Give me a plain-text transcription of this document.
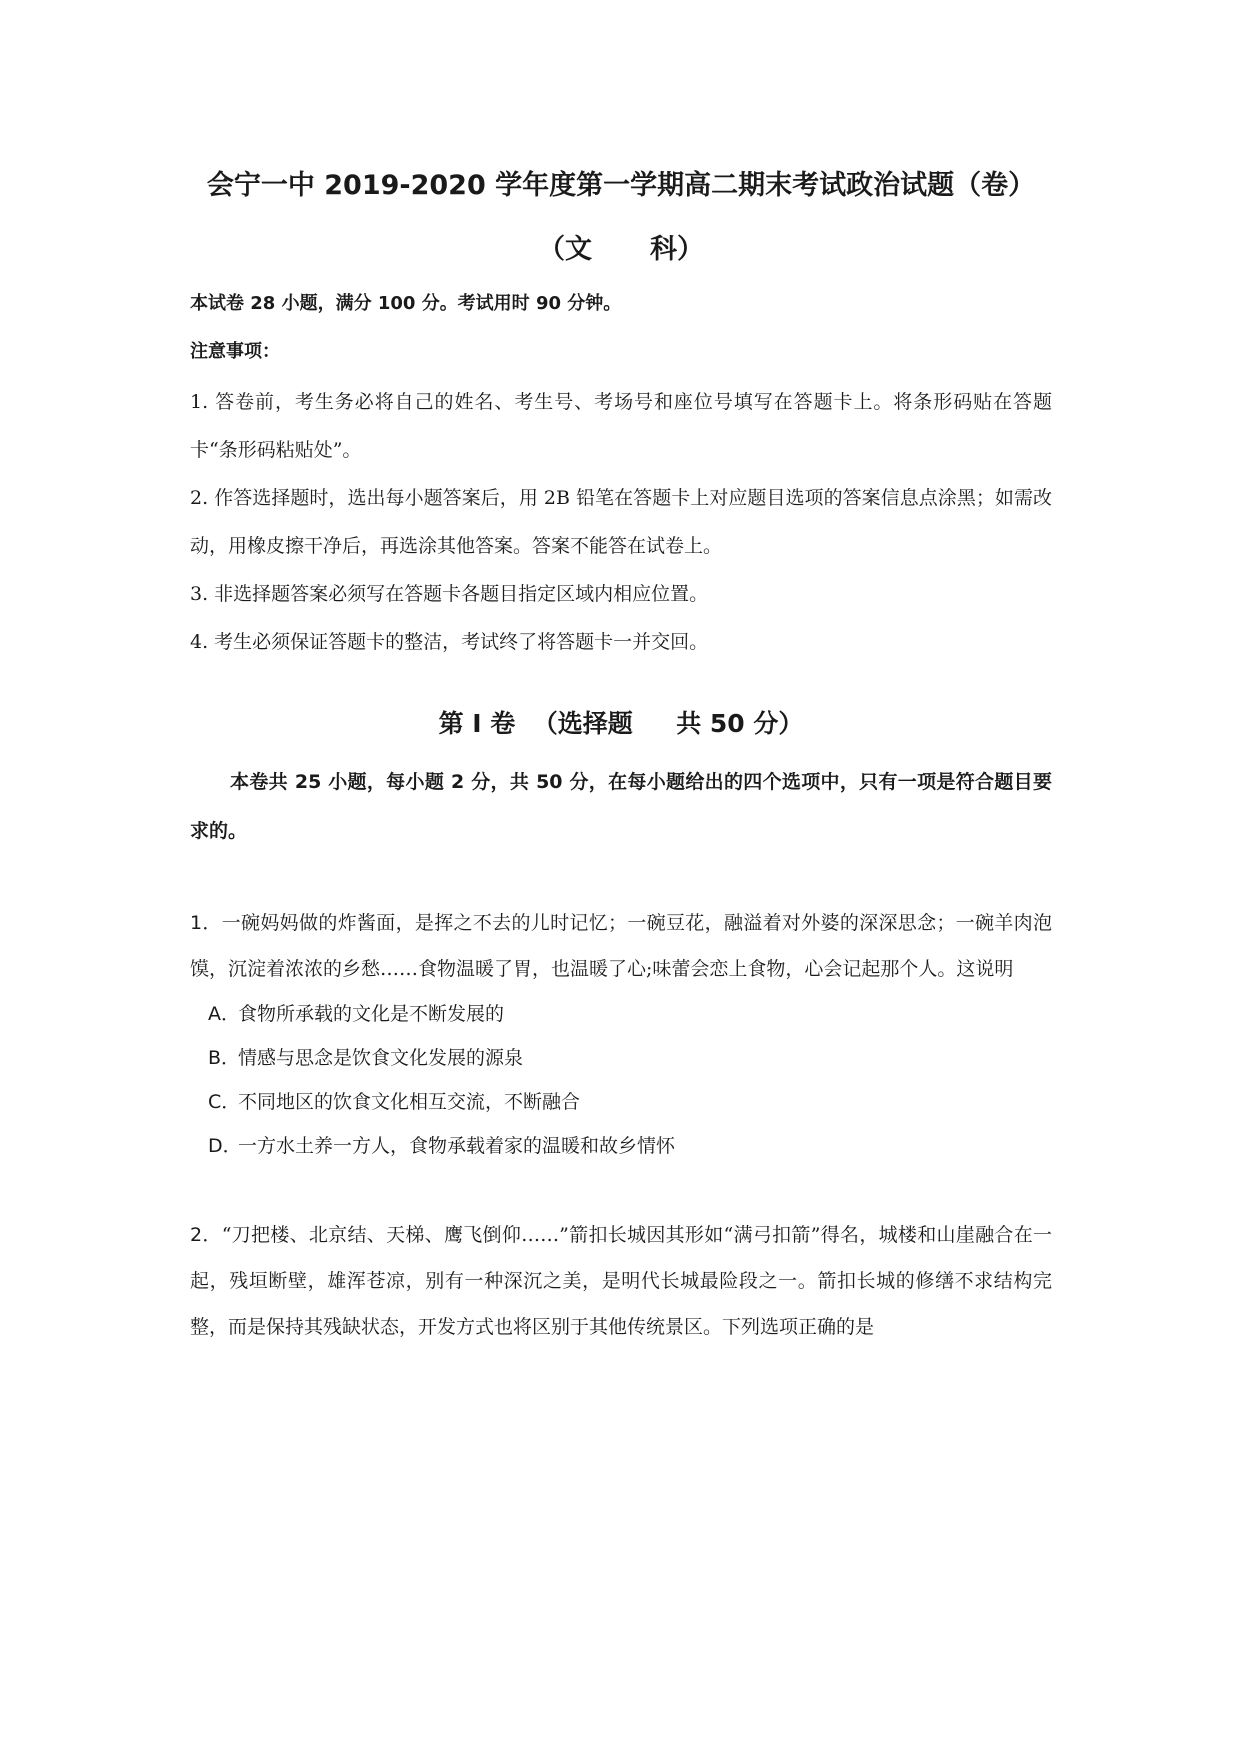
会宁一中 2019-2020 学年度第一学期高二期末考试政治试题（卷）
（文 科）

本试卷 28 小题，满分 100 分。考试用时 90 分钟。

注意事项：

1. 答卷前，考生务必将自己的姓名、考生号、考场号和座位号填写在答题卡上。将条形码贴在答题卡“条形码粘贴处”。
2. 作答选择题时，选出每小题答案后，用 2B 铅笔在答题卡上对应题目选项的答案信息点涂黑；如需改动，用橡皮擦干净后，再选涂其他答案。答案不能答在试卷上。
3. 非选择题答案必须写在答题卡各题目指定区域内相应位置。
4. 考生必须保证答题卡的整洁，考试终了将答题卡一并交回。
第 I 卷  （选择题     共 50 分）

本卷共 25 小题，每小题 2 分，共 50 分，在每小题给出的四个选项中，只有一项是符合题目要求的。

1．一碗妈妈做的炸酱面，是挥之不去的儿时记忆；一碗豆花，融溢着对外婆的深深思念；一碗羊肉泡馍，沉淀着浓浓的乡愁……食物温暖了胃，也温暖了心;味蕾会恋上食物，心会记起那个人。这说明

A．食物所承载的文化是不断发展的
B．情感与思念是饮食文化发展的源泉
C．不同地区的饮食文化相互交流，不断融合
D．一方水土养一方人，食物承载着家的温暖和故乡情怀

2．“刀把楼、北京结、天梯、鹰飞倒仰……”箭扣长城因其形如“满弓扣箭”得名，城楼和山崖融合在一起，残垣断壁，雄浑苍凉，别有一种深沉之美，是明代长城最险段之一。箭扣长城的修缮不求结构完整，而是保持其残缺状态，开发方式也将区别于其他传统景区。下列选项正确的是
